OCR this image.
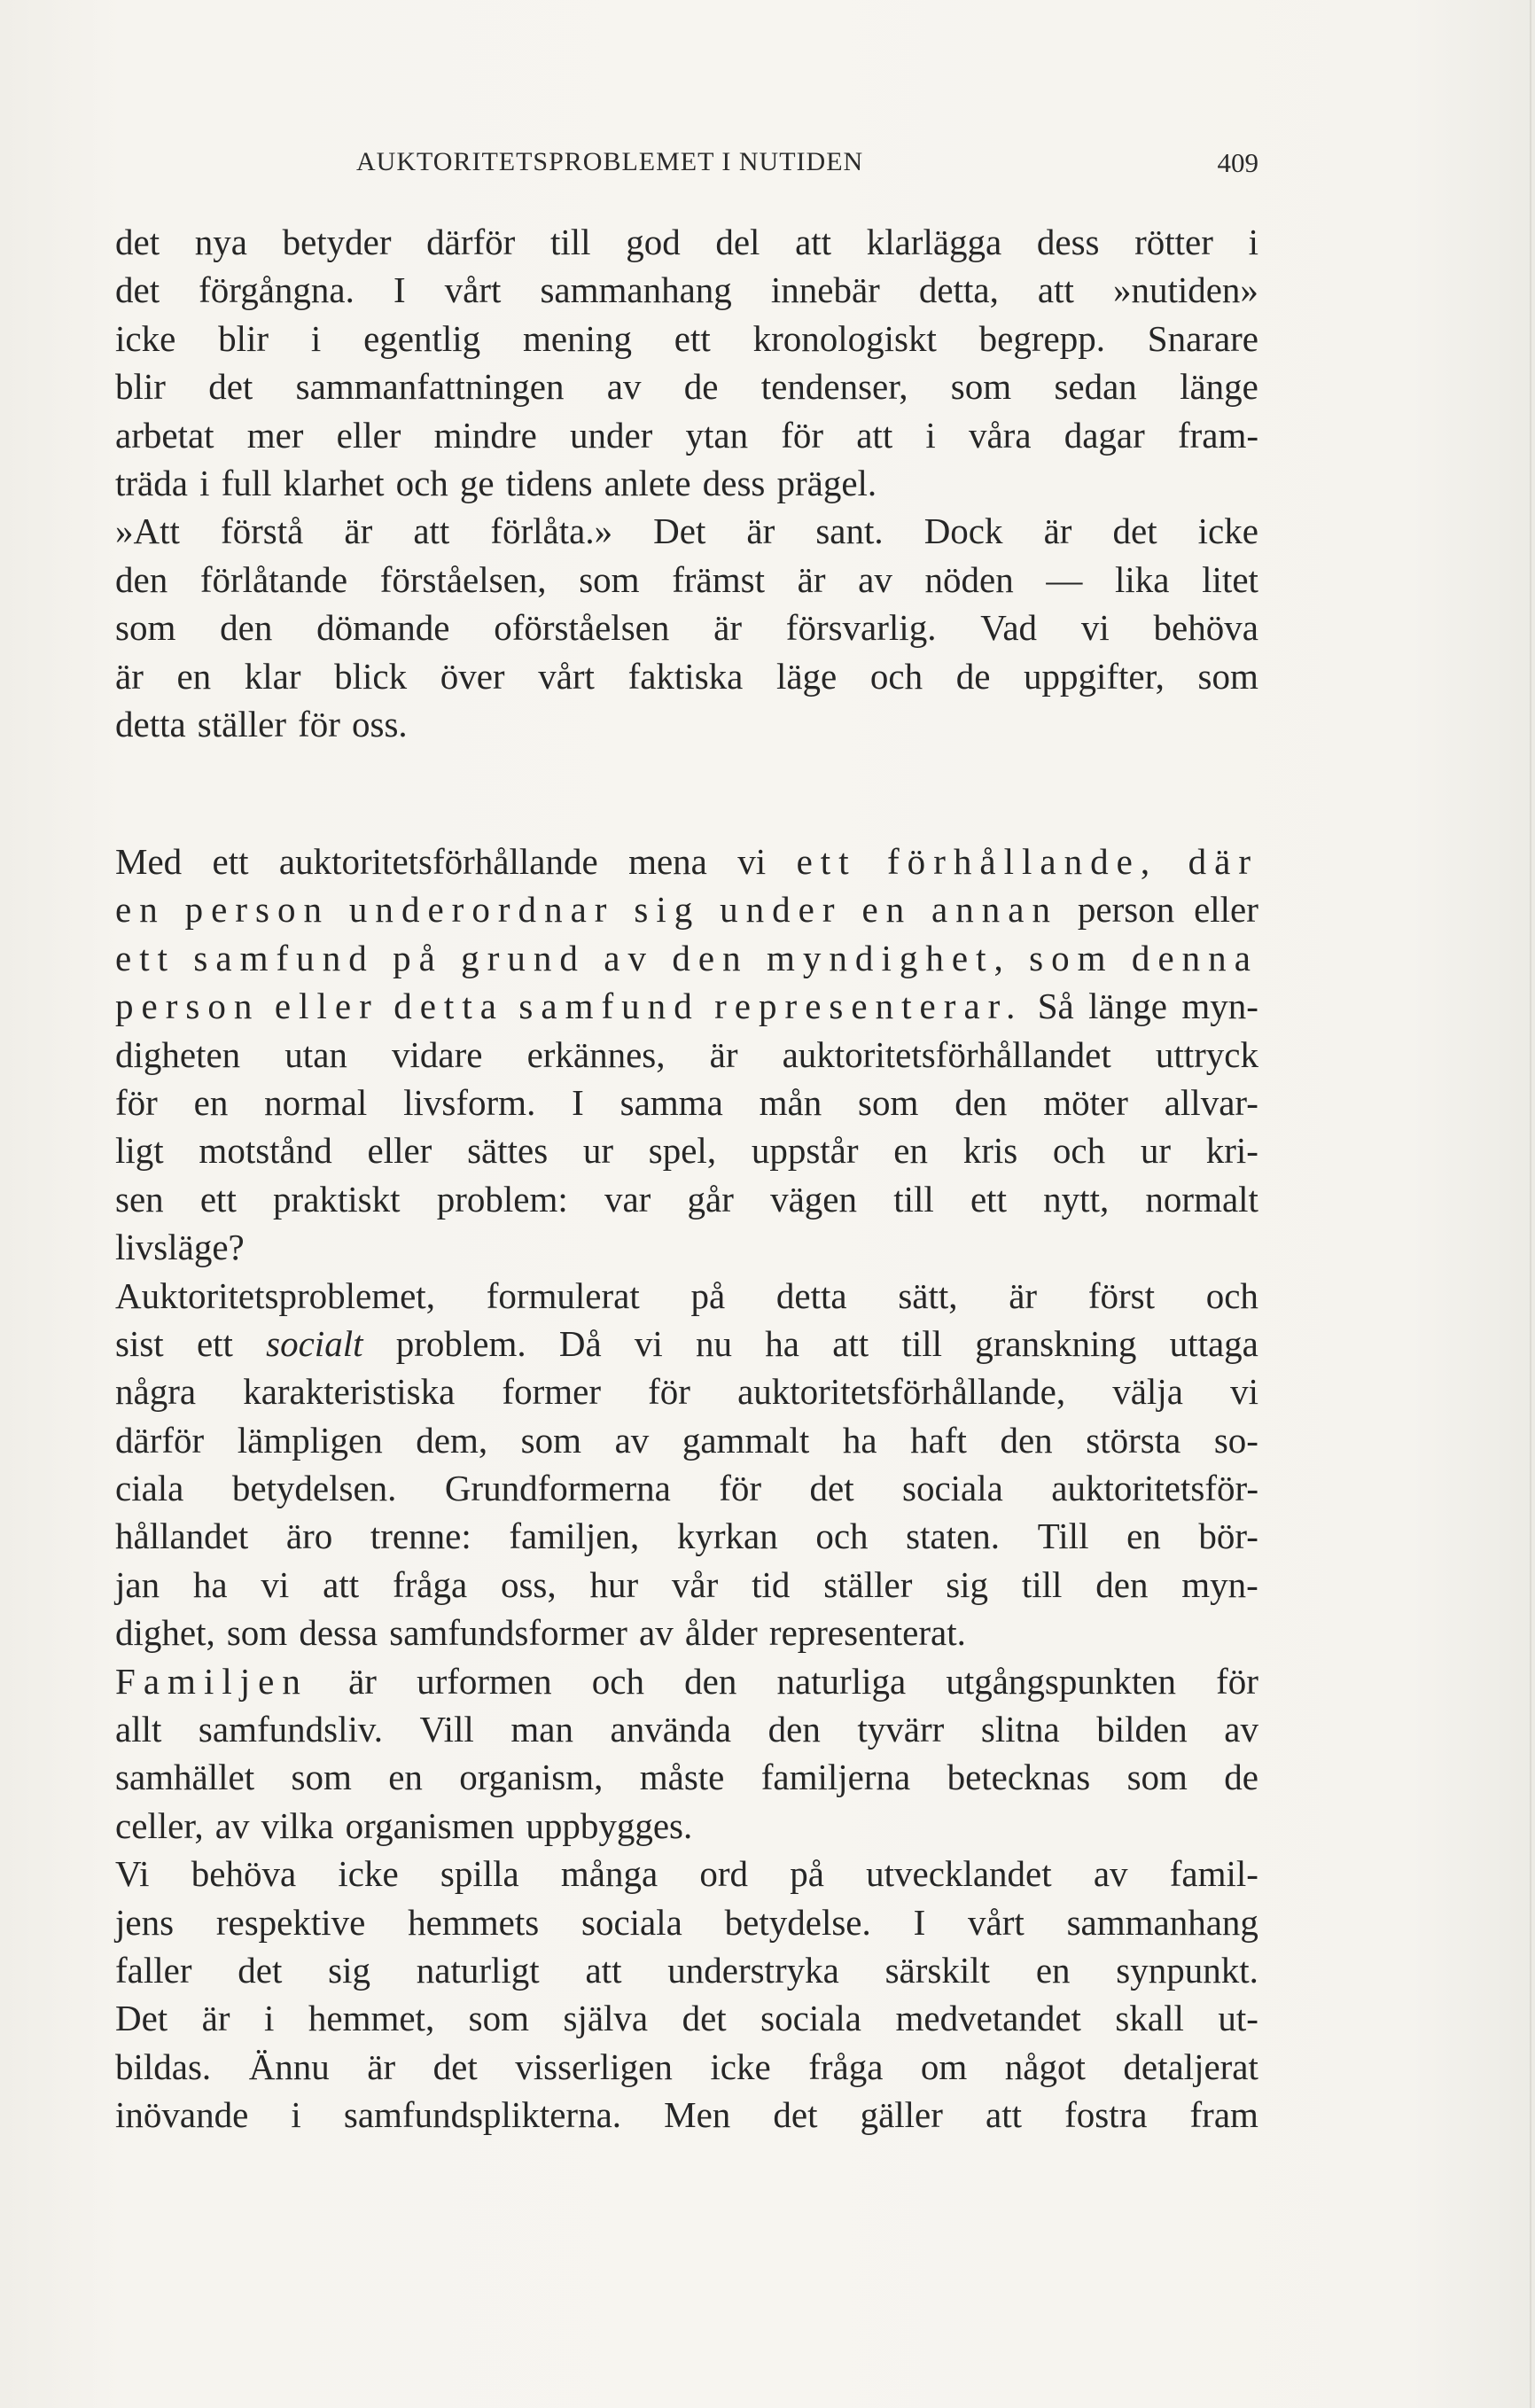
AUKTORITETSPROBLEMET I NUTIDEN	409
det nya betyder därför till god del att klarlägga dess rötter i
det förgångna. I vårt sammanhang innebär detta, att »nutiden»
icke blir i egentlig mening ett kronologiskt begrepp. Snarare
blir det sammanfattningen av de tendenser, som sedan länge
arbetat mer eller mindre under ytan för att i våra dagar fram-
träda i full klarhet och ge tidens anlete dess prägel.
»Att förstå är att förlåta.» Det är sant. Dock är det icke
den förlåtande förståelsen, som främst är av nöden — lika litet
som den dömande oförståelsen är försvarlig. Vad vi behöva
är en klar blick över vårt faktiska läge och de uppgifter, som
detta ställer för oss.
Med ett auktoritetsförhållande mena vi ett förhållande, där
en person underordnar sig under en annan person eller
ett samfund på grund av den myndighet, som denna
person eller detta samfund representerar. Så länge myn-
digheten utan vidare erkännes, är auktoritetsförhållandet uttryck
för en normal livsform. I samma mån som den möter allvar-
ligt motstånd eller sättes ur spel, uppstår en kris och ur kri-
sen ett praktiskt problem: var går vägen till ett nytt, normalt
livsläge?
Auktoritetsproblemet, formulerat på detta sätt, är först och
sist ett socialt problem. Då vi nu ha att till granskning uttaga
några karakteristiska former för auktoritetsförhållande, välja vi
därför lämpligen dem, som av gammalt ha haft den största so-
ciala betydelsen. Grundformerna för det sociala auktoritetsför-
hållandet äro trenne: familjen, kyrkan och staten. Till en bör-
jan ha vi att fråga oss, hur vår tid ställer sig till den myn-
dighet, som dessa samfundsformer av ålder representerat.
Familjen är urformen och den naturliga utgångspunkten för
allt samfundsliv. Vill man använda den tyvärr slitna bilden av
samhället som en organism, måste familjerna betecknas som de
celler, av vilka organismen uppbygges.
Vi behöva icke spilla många ord på utvecklandet av famil-
jens respektive hemmets sociala betydelse. I vårt sammanhang
faller det sig naturligt att understryka särskilt en synpunkt.
Det är i hemmet, som själva det sociala medvetandet skall ut-
bildas. Ännu är det visserligen icke fråga om något detaljerat
inövande i samfundsplikterna. Men det gäller att fostra fram
